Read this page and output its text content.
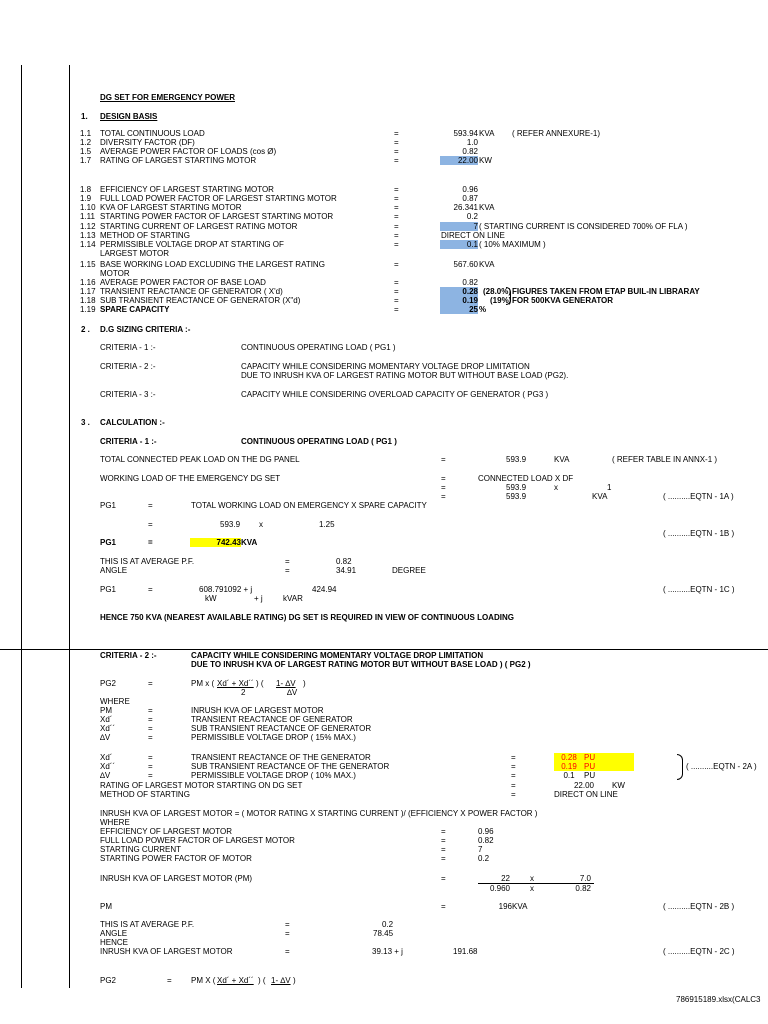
DG SET FOR EMERGENCY POWER
1. DESIGN BASIS
1.1 TOTAL CONTINUOUS LOAD	=	593.94 KVA ( REFER ANNEXURE-1)
1.2 DIVERSITY FACTOR (DF)	=	1.0
1.5 AVERAGE POWER FACTOR OF LOADS (cos Ø)	=	0.82
1.7 RATING OF LARGEST STARTING MOTOR	=	22.00 KW
1.8 EFFICIENCY OF LARGEST STARTING MOTOR	=	0.96
1.9 FULL LOAD POWER FACTOR OF LARGEST STARTING MOTOR	=	0.87
1.10 KVA OF LARGEST STARTING MOTOR	=	26.341 KVA
1.11 STARTING POWER FACTOR OF LARGEST STARTING MOTOR	=	0.2
1.12 STARTING CURRENT OF LARGEST RATING MOTOR	=	7 ( STARTING CURRENT IS CONSIDERED 700% OF FLA )
1.13 METHOD OF STARTING	=	DIRECT ON LINE
1.14 PERMISSIBLE VOLTAGE DROP AT STARTING OF
LARGEST MOTOR
=	0.1 ( 10% MAXIMUM )
1.15 BASE WORKING LOAD EXCLUDING THE LARGEST RATING
MOTOR
=	567.60 KVA
1.16 AVERAGE POWER FACTOR OF BASE LOAD	=	0.82
1.17 TRANSIENT REACTANCE OF GENERATOR ( X'd)	=	0.28 (28.0%) FIGURES TAKEN FROM ETAP BUIL-IN LIBRARAY
1.18 SUB TRANSIENT REACTANCE OF GENERATOR (X"d)	=	0.19 (19%) FOR 500KVA GENERATOR
1.19 SPARE CAPACITY	=	25 %
2 . D.G SIZING CRITERIA :-
CRITERIA - 1 :-	CONTINUOUS OPERATING LOAD ( PG1 )
CRITERIA - 2 :-	CAPACITY WHILE CONSIDERING MOMENTARY VOLTAGE DROP LIMITATION
DUE TO INRUSH KVA OF LARGEST RATING MOTOR BUT WITHOUT BASE LOAD (PG2).
CRITERIA - 3 :-	CAPACITY WHILE CONSIDERING OVERLOAD CAPACITY OF GENERATOR ( PG3 )
3 . CALCULATION :-
CRITERIA - 1 :-	CONTINUOUS OPERATING LOAD ( PG1 )
TOTAL CONNECTED PEAK LOAD ON THE DG PANEL	=	593.9	KVA	( REFER TABLE IN ANNX-1 )
WORKING LOAD OF THE EMERGENCY DG SET	=	CONNECTED LOAD X DF
=	593.9	x	1
=	593.9	KVA	( ..........EQTN - 1A )
PG1	=	TOTAL WORKING LOAD ON EMERGENCY X SPARE CAPACITY
=	593.9 x	1.25
( ..........EQTN - 1B )
PG1	=	742.43 KVA
THIS IS AT AVERAGE P.F.	=	0.82
ANGLE	=	34.91	DEGREE
PG1	=	608.791092 + j	424.94	( ..........EQTN - 1C )
kW	+ j	kVAR
HENCE 750 KVA (NEAREST AVAILABLE RATING) DG SET IS REQUIRED IN VIEW OF CONTINUOUS LOADING
CRITERIA - 2 :-	CAPACITY WHILE CONSIDERING MOMENTARY VOLTAGE DROP LIMITATION
DUE TO INRUSH KVA OF LARGEST RATING MOTOR BUT WITHOUT BASE LOAD ) ( PG2 )
PG2	=	PM x ( Xd´ + Xd´´ ) ( 1- ∆V )
2	∆V
WHERE
PM	=	INRUSH KVA OF LARGEST MOTOR
Xd´	=	TRANSIENT REACTANCE OF GENERATOR
Xd´´	=	SUB TRANSIENT REACTANCE OF GENERATOR
∆V	=	PERMISSIBLE VOLTAGE DROP ( 15% MAX.)
Xd´	=	TRANSIENT REACTANCE OF THE GENERATOR	=	0.28 PU
Xd´´	=	SUB TRANSIENT REACTANCE OF THE GENERATOR	=	0.19 PU
∆V	=	PERMISSIBLE VOLTAGE DROP ( 10% MAX.)	=	0.1	PU
( ..........EQTN - 2A )
RATING OF LARGEST MOTOR STARTING ON DG SET	=	22.00 KW
METHOD OF STARTING	=	DIRECT ON LINE
INRUSH KVA OF LARGEST MOTOR = ( MOTOR RATING X STARTING CURRENT )/ (EFFICIENCY X POWER FACTOR )
WHERE
EFFICIENCY OF LARGEST MOTOR	=	0.96
FULL LOAD POWER FACTOR OF LARGEST MOTOR	=	0.82
STARTING CURRENT	=	7
STARTING POWER FACTOR OF MOTOR	=	0.2
INRUSH KVA OF LARGEST MOTOR (PM)	=	22	x	7.0
0.960	x	0.82
PM	=	196 KVA	( ..........EQTN - 2B )
THIS IS AT AVERAGE P.F.	=	0.2
ANGLE	=	78.45
HENCE
INRUSH KVA OF LARGEST MOTOR	=	39.13 + j	191.68	( ..........EQTN - 2C )
PG2	= PM X ( Xd´ + Xd´´ ) ( 1- ∆V )
786915189.xlsx(CALC3
